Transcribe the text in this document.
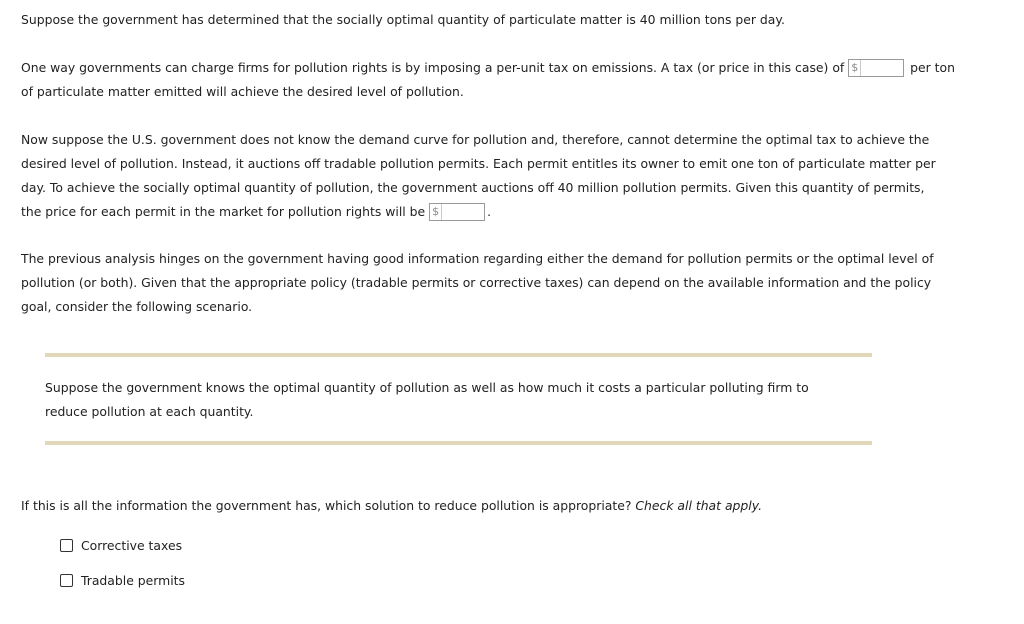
Suppose the government has determined that the socially optimal quantity of particulate matter is 40 million tons per day.

One way governments can charge firms for pollution rights is by imposing a per-unit tax on emissions. A tax (or price in this case) of $	per ton
of particulate matter emitted will achieve the desired level of pollution.

Now suppose the U.S. government does not know the demand curve for pollution and, therefore, cannot determine the optimal tax to achieve the desired level of pollution. Instead, it auctions off tradable pollution permits. Each permit entitles its owner to emit one ton of particulate matter per day. To achieve the socially optimal quantity of pollution, the government auctions off 40 million pollution permits. Given this quantity of permits, the price for each permit in the market for pollution rights will be $	.

The previous analysis hinges on the government having good information regarding either the demand for pollution permits or the optimal level of pollution (or both). Given that the appropriate policy (tradable permits or corrective taxes) can depend on the available information and the policy goal, consider the following scenario.

Suppose the government knows the optimal quantity of pollution as well as how much it costs a particular polluting firm to reduce pollution at each quantity.

If this is all the information the government has, which solution to reduce pollution is appropriate? Check all that apply.

Corrective taxes
Tradable permits
